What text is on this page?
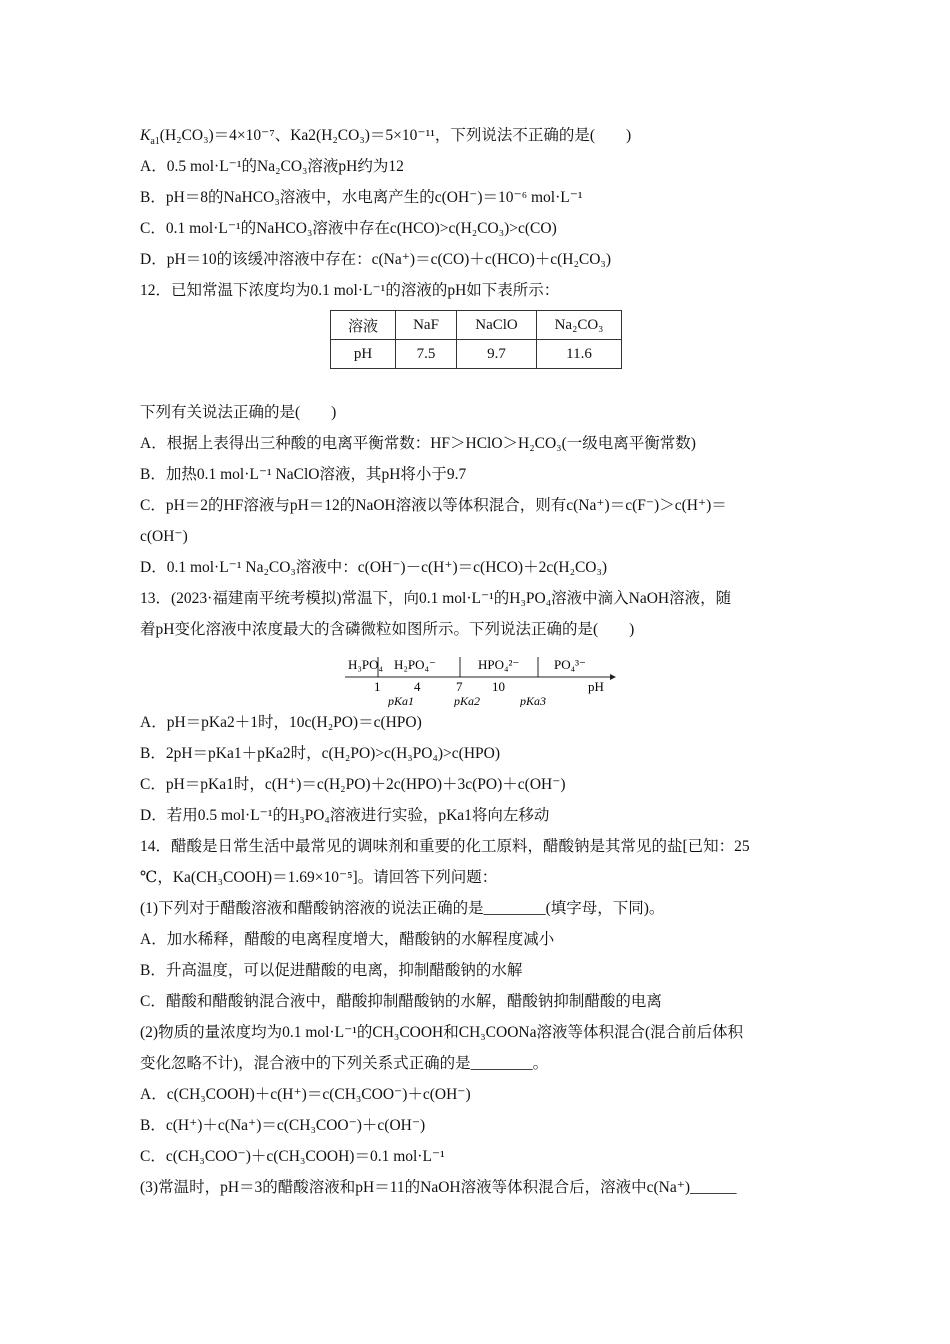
$K_{a1}(H_2CO_3)=4\times 10^{-7}$、Ka2(H₂CO₃)＝5×10⁻¹¹，下列说法不正确的是(　　)
A．0.5 mol·L⁻¹的Na₂CO₃溶液pH约为12
B．pH＝8的NaHCO₃溶液中，水电离产生的c(OH⁻)＝10⁻⁶ mol·L⁻¹
C．0.1 mol·L⁻¹的NaHCO₃溶液中存在c(HCO)>c(H₂CO₃)>c(CO)
D．pH＝10的该缓冲溶液中存在：c(Na⁺)＝c(CO)＋c(HCO)＋c(H₂CO₃)
12．已知常温下浓度均为0.1 mol·L⁻¹的溶液的pH如下表所示：
溶液	NaF	NaClO	Na₂CO₃
pH	7.5	9.7	11.6
下列有关说法正确的是(　　)
A．根据上表得出三种酸的电离平衡常数：HF＞HClO＞H₂CO₃(一级电离平衡常数)
B．加热0.1 mol·L⁻¹ NaClO溶液，其pH将小于9.7
C．pH＝2的HF溶液与pH＝12的NaOH溶液以等体积混合，则有c(Na⁺)＝c(F⁻)＞c(H⁺)＝
c(OH⁻)
D．0.1 mol·L⁻¹ Na₂CO₃溶液中：c(OH⁻)－c(H⁺)＝c(HCO)＋2c(H₂CO₃)
13．(2023·福建南平统考模拟)常温下，向0.1 mol·L⁻¹的H₃PO₄溶液中滴入NaOH溶液，随
着pH变化溶液中浓度最大的含磷微粒如图所示。下列说法正确的是(　　)
H₃PO₄ H₂PO₄⁻	HPO₄²⁻	PO₄³⁻
1	4	7 10	pH
pKa1	pKa2	pKa3
A．pH＝pKa2＋1时，10c(H₂PO)＝c(HPO)
B．2pH＝pKa1＋pKa2时，c(H₂PO)>c(H₃PO₄)>c(HPO)
C．pH＝pKa1时，c(H⁺)＝c(H₂PO)＋2c(HPO)＋3c(PO)＋c(OH⁻)
D．若用0.5 mol·L⁻¹的H₃PO₄溶液进行实验，pKa1将向左移动
14．醋酸是日常生活中最常见的调味剂和重要的化工原料，醋酸钠是其常见的盐[已知：25
℃，Ka(CH₃COOH)＝1.69×10⁻⁵]。请回答下列问题：
(1)下列对于醋酸溶液和醋酸钠溶液的说法正确的是________(填字母，下同)。
A．加水稀释，醋酸的电离程度增大，醋酸钠的水解程度减小
B．升高温度，可以促进醋酸的电离，抑制醋酸钠的水解
C．醋酸和醋酸钠混合液中，醋酸抑制醋酸钠的水解，醋酸钠抑制醋酸的电离
(2)物质的量浓度均为0.1 mol·L⁻¹的CH₃COOH和CH₃COONa溶液等体积混合(混合前后体积
变化忽略不计)，混合液中的下列关系式正确的是________。
A．c(CH₃COOH)＋c(H⁺)＝c(CH₃COO⁻)＋c(OH⁻)
B．c(H⁺)＋c(Na⁺)＝c(CH₃COO⁻)＋c(OH⁻)
C．c(CH₃COO⁻)＋c(CH₃COOH)＝0.1 mol·L⁻¹
(3)常温时，pH＝3的醋酸溶液和pH＝11的NaOH溶液等体积混合后，溶液中c(Na⁺)______
